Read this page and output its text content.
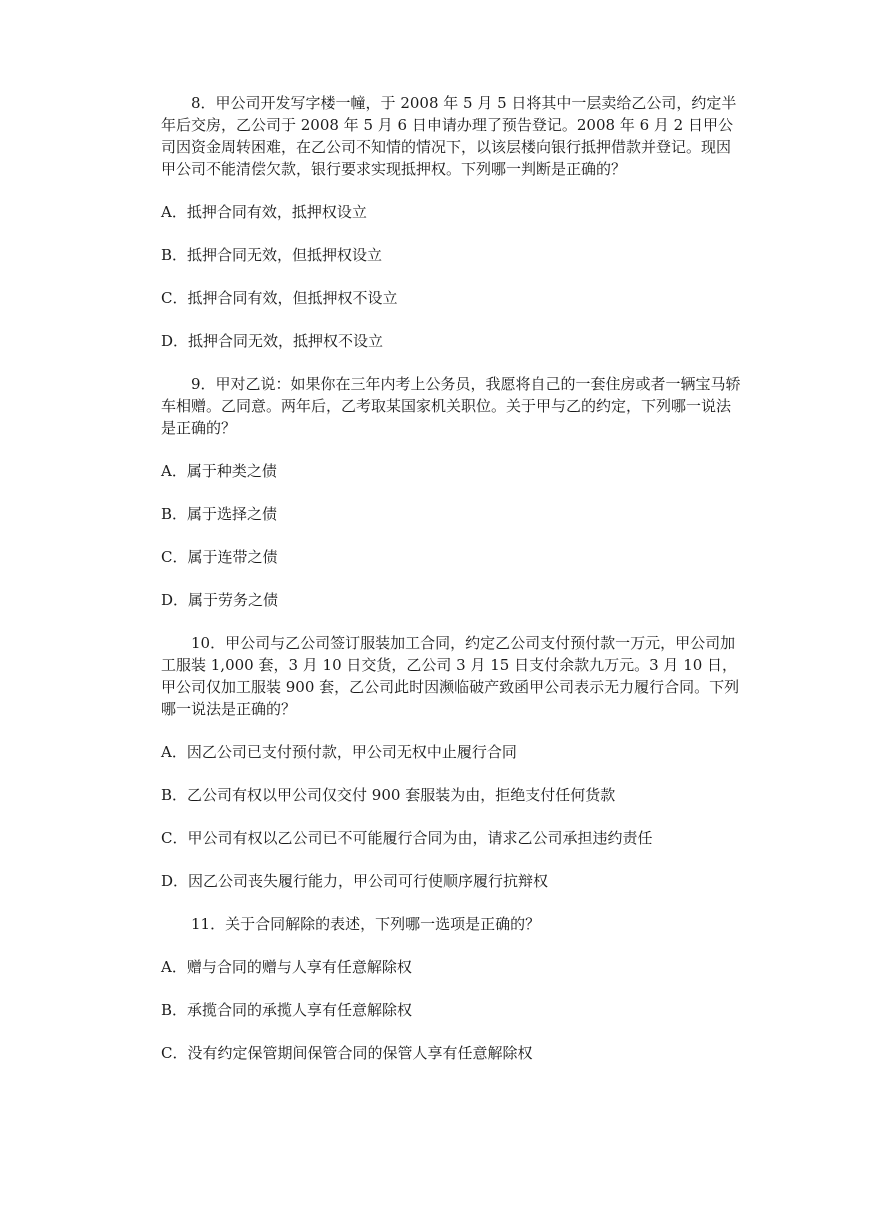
8．甲公司开发写字楼一幢，于 2008 年 5 月 5 日将其中一层卖给乙公司，约定半年后交房，乙公司于 2008 年 5 月 6 日申请办理了预告登记。2008 年 6 月 2 日甲公司因资金周转困难，在乙公司不知情的情况下，以该层楼向银行抵押借款并登记。现因甲公司不能清偿欠款，银行要求实现抵押权。下列哪一判断是正确的？

A．抵押合同有效，抵押权设立

B．抵押合同无效，但抵押权设立

C．抵押合同有效，但抵押权不设立

D．抵押合同无效，抵押权不设立

9．甲对乙说：如果你在三年内考上公务员，我愿将自己的一套住房或者一辆宝马轿车相赠。乙同意。两年后，乙考取某国家机关职位。关于甲与乙的约定，下列哪一说法是正确的？

A．属于种类之债

B．属于选择之债

C．属于连带之债

D．属于劳务之债

10．甲公司与乙公司签订服装加工合同，约定乙公司支付预付款一万元，甲公司加工服装 1,000 套，3 月 10 日交货，乙公司 3 月 15 日支付余款九万元。3 月 10 日，甲公司仅加工服装 900 套，乙公司此时因濒临破产致函甲公司表示无力履行合同。下列哪一说法是正确的？

A．因乙公司已支付预付款，甲公司无权中止履行合同

B．乙公司有权以甲公司仅交付 900 套服装为由，拒绝支付任何货款

C．甲公司有权以乙公司已不可能履行合同为由，请求乙公司承担违约责任

D．因乙公司丧失履行能力，甲公司可行使顺序履行抗辩权

11．关于合同解除的表述，下列哪一选项是正确的？

A．赠与合同的赠与人享有任意解除权

B．承揽合同的承揽人享有任意解除权

C．没有约定保管期间保管合同的保管人享有任意解除权
